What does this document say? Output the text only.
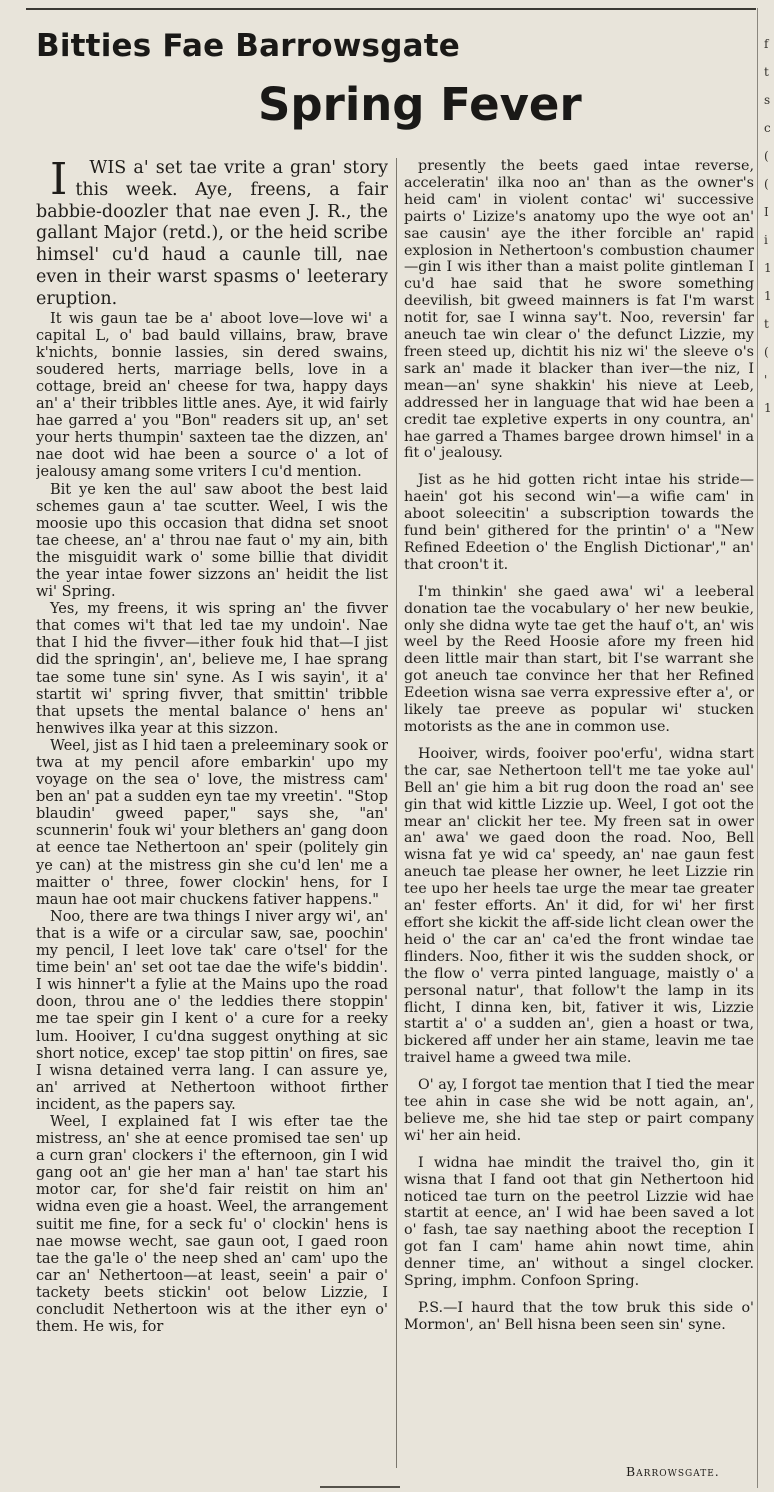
f
t
s
c
(
(
I
i
1
1
t
(
'
1
Bitties Fae Barrowsgate
Spring Fever

I WIS a' set tae vrite a gran' story this week. Aye, freens, a fair babbie-doozler that nae even J. R., the gallant Major (retd.), or the heid scribe himsel' cu'd haud a caunle till, nae even in their warst spasms o' leeterary eruption.

It wis gaun tae be a' aboot love—love wi' a capital L, o' bad bauld villains, braw, brave k'nichts, bonnie lassies, sin dered swains, soudered herts, marriage bells, love in a cottage, breid an' cheese for twa, happy days an' a' their tribbles little anes. Aye, it wid fairly hae garred a' you "Bon" readers sit up, an' set your herts thumpin' saxteen tae the dizzen, an' nae doot wid hae been a source o' a lot of jealousy amang some vriters I cu'd mention.

Bit ye ken the aul' saw aboot the best laid schemes gaun a' tae scutter. Weel, I wis the moosie upo this occasion that didna set snoot tae cheese, an' a' throu nae faut o' my ain, bith the misguidit wark o' some billie that dividit the year intae fower sizzons an' heidit the list wi' Spring.

Yes, my freens, it wis spring an' the fivver that comes wi't that led tae my undoin'. Nae that I hid the fivver—ither fouk hid that—I jist did the springin', an', believe me, I hae sprang tae some tune sin' syne. As I wis sayin', it a' startit wi' spring fivver, that smittin' tribble that upsets the mental balance o' hens an' henwives ilka year at this sizzon.

Weel, jist as I hid taen a preleeminary sook or twa at my pencil afore embarkin' upo my voyage on the sea o' love, the mistress cam' ben an' pat a sudden eyn tae my vreetin'. "Stop blaudin' gweed paper," says she, "an' scunnerin' fouk wi' your blethers an' gang doon at eence tae Nethertoon an' speir (politely gin ye can) at the mistress gin she cu'd len' me a maitter o' three, fower clockin' hens, for I maun hae oot mair chuckens fativer happens."

Noo, there are twa things I niver argy wi', an' that is a wife or a circular saw, sae, poochin' my pencil, I leet love tak' care o'tsel' for the time bein' an' set oot tae dae the wife's biddin'. I wis hinner't a fylie at the Mains upo the road doon, throu ane o' the leddies there stoppin' me tae speir gin I kent o' a cure for a reeky lum. Hooiver, I cu'dna suggest onything at sic short notice, excep' tae stop pittin' on fires, sae I wisna detained verra lang. I can assure ye, an' arrived at Nethertoon withoot firther incident, as the papers say.

Weel, I explained fat I wis efter tae the mistress, an' she at eence promised tae sen' up a curn gran' clockers i' the efternoon, gin I wid gang oot an' gie her man a' han' tae start his motor car, for she'd fair reistit on him an' widna even gie a hoast. Weel, the arrangement suitit me fine, for a seck fu' o' clockin' hens is nae mowse wecht, sae gaun oot, I gaed roon tae the ga'le o' the neep shed an' cam' upo the car an' Nethertoon—at least, seein' a pair o' tackety beets stickin' oot below Lizzie, I concludit Nethertoon wis at the ither eyn o' them. He wis, for

presently the beets gaed intae reverse, acceleratin' ilka noo an' than as the owner's heid cam' in violent contac' wi' successive pairts o' Lizize's anatomy upo the wye oot an' sae causin' aye the ither forcible an' rapid explosion in Nethertoon's combustion chaumer—gin I wis ither than a maist polite gintleman I cu'd hae said that he swore something deevilish, bit gweed mainners is fat I'm warst notit for, sae I winna say't. Noo, reversin' far aneuch tae win clear o' the defunct Lizzie, my freen steed up, dichtit his niz wi' the sleeve o's sark an' made it blacker than iver—the niz, I mean—an' syne shakkin' his nieve at Leeb, addressed her in language that wid hae been a credit tae expletive experts in ony countra, an' hae garred a Thames bargee drown himsel' in a fit o' jealousy.

Jist as he hid gotten richt intae his stride—haein' got his second win'—a wifie cam' in aboot soleecitin' a subscription towards the fund bein' githered for the printin' o' a "New Refined Edeetion o' the English Dictionar'," an' that croon't it.

I'm thinkin' she gaed awa' wi' a leeberal donation tae the vocabulary o' her new beukie, only she didna wyte tae get the hauf o't, an' wis weel by the Reed Hoosie afore my freen hid deen little mair than start, bit I'se warrant she got aneuch tae convince her that her Refined Edeetion wisna sae verra expressive efter a', or likely tae preeve as popular wi' stucken motorists as the ane in common use.

Hooiver, wirds, fooiver poo'erfu', widna start the car, sae Nethertoon tell't me tae yoke aul' Bell an' gie him a bit rug doon the road an' see gin that wid kittle Lizzie up. Weel, I got oot the mear an' clickit her tee. My freen sat in ower an' awa' we gaed doon the road. Noo, Bell wisna fat ye wid ca' speedy, an' nae gaun fest aneuch tae please her owner, he leet Lizzie rin tee upo her heels tae urge the mear tae greater an' fester efforts. An' it did, for wi' her first effort she kickit the aff-side licht clean ower the heid o' the car an' ca'ed the front windae tae flinders. Noo, fither it wis the sudden shock, or the flow o' verra pinted language, maistly o' a personal natur', that follow't the lamp in its flicht, I dinna ken, bit, fativer it wis, Lizzie startit a' o' a sudden an', gien a hoast or twa, bickered aff under her ain stame, leavin me tae traivel hame a gweed twa mile.

O' ay, I forgot tae mention that I tied the mear tee ahin in case she wid be nott again, an', believe me, she hid tae step or pairt company wi' her ain heid.

I widna hae mindit the traivel tho, gin it wisna that I fand oot that gin Nethertoon hid noticed tae turn on the peetrol Lizzie wid hae startit at eence, an' I wid hae been saved a lot o' fash, tae say naething aboot the reception I got fan I cam' hame ahin nowt time, ahin denner time, an' without a singel clocker. Spring, imphm. Confoon Spring.

P.S.—I haurd that the tow bruk this side o' Mormon', an' Bell hisna been seen sin' syne.

Barrowsgate.
